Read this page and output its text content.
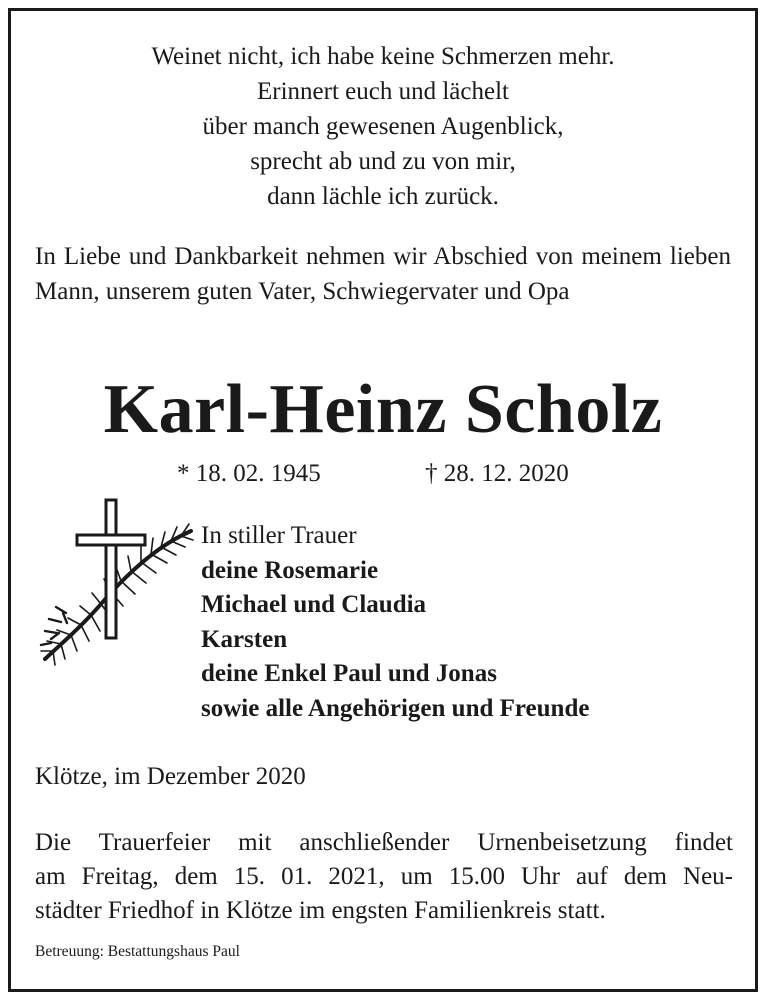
Weinet nicht, ich habe keine Schmerzen mehr.
Erinnert euch und lächelt
über manch gewesenen Augenblick,
sprecht ab und zu von mir,
dann lächle ich zurück.
In Liebe und Dankbarkeit nehmen wir Abschied von meinem lieben Mann, unserem guten Vater, Schwiegervater und Opa
Karl-Heinz Scholz
* 18. 02. 1945	† 28. 12. 2020
In stiller Trauer
deine Rosemarie
Michael und Claudia
Karsten
deine Enkel Paul und Jonas
sowie alle Angehörigen und Freunde
Klötze, im Dezember 2020
Die Trauerfeier mit anschließender Urnenbeisetzung findet
am Freitag, dem 15. 01. 2021, um 15.00 Uhr auf dem Neu-
städter Friedhof in Klötze im engsten Familienkreis statt.
Betreuung: Bestattungshaus Paul
